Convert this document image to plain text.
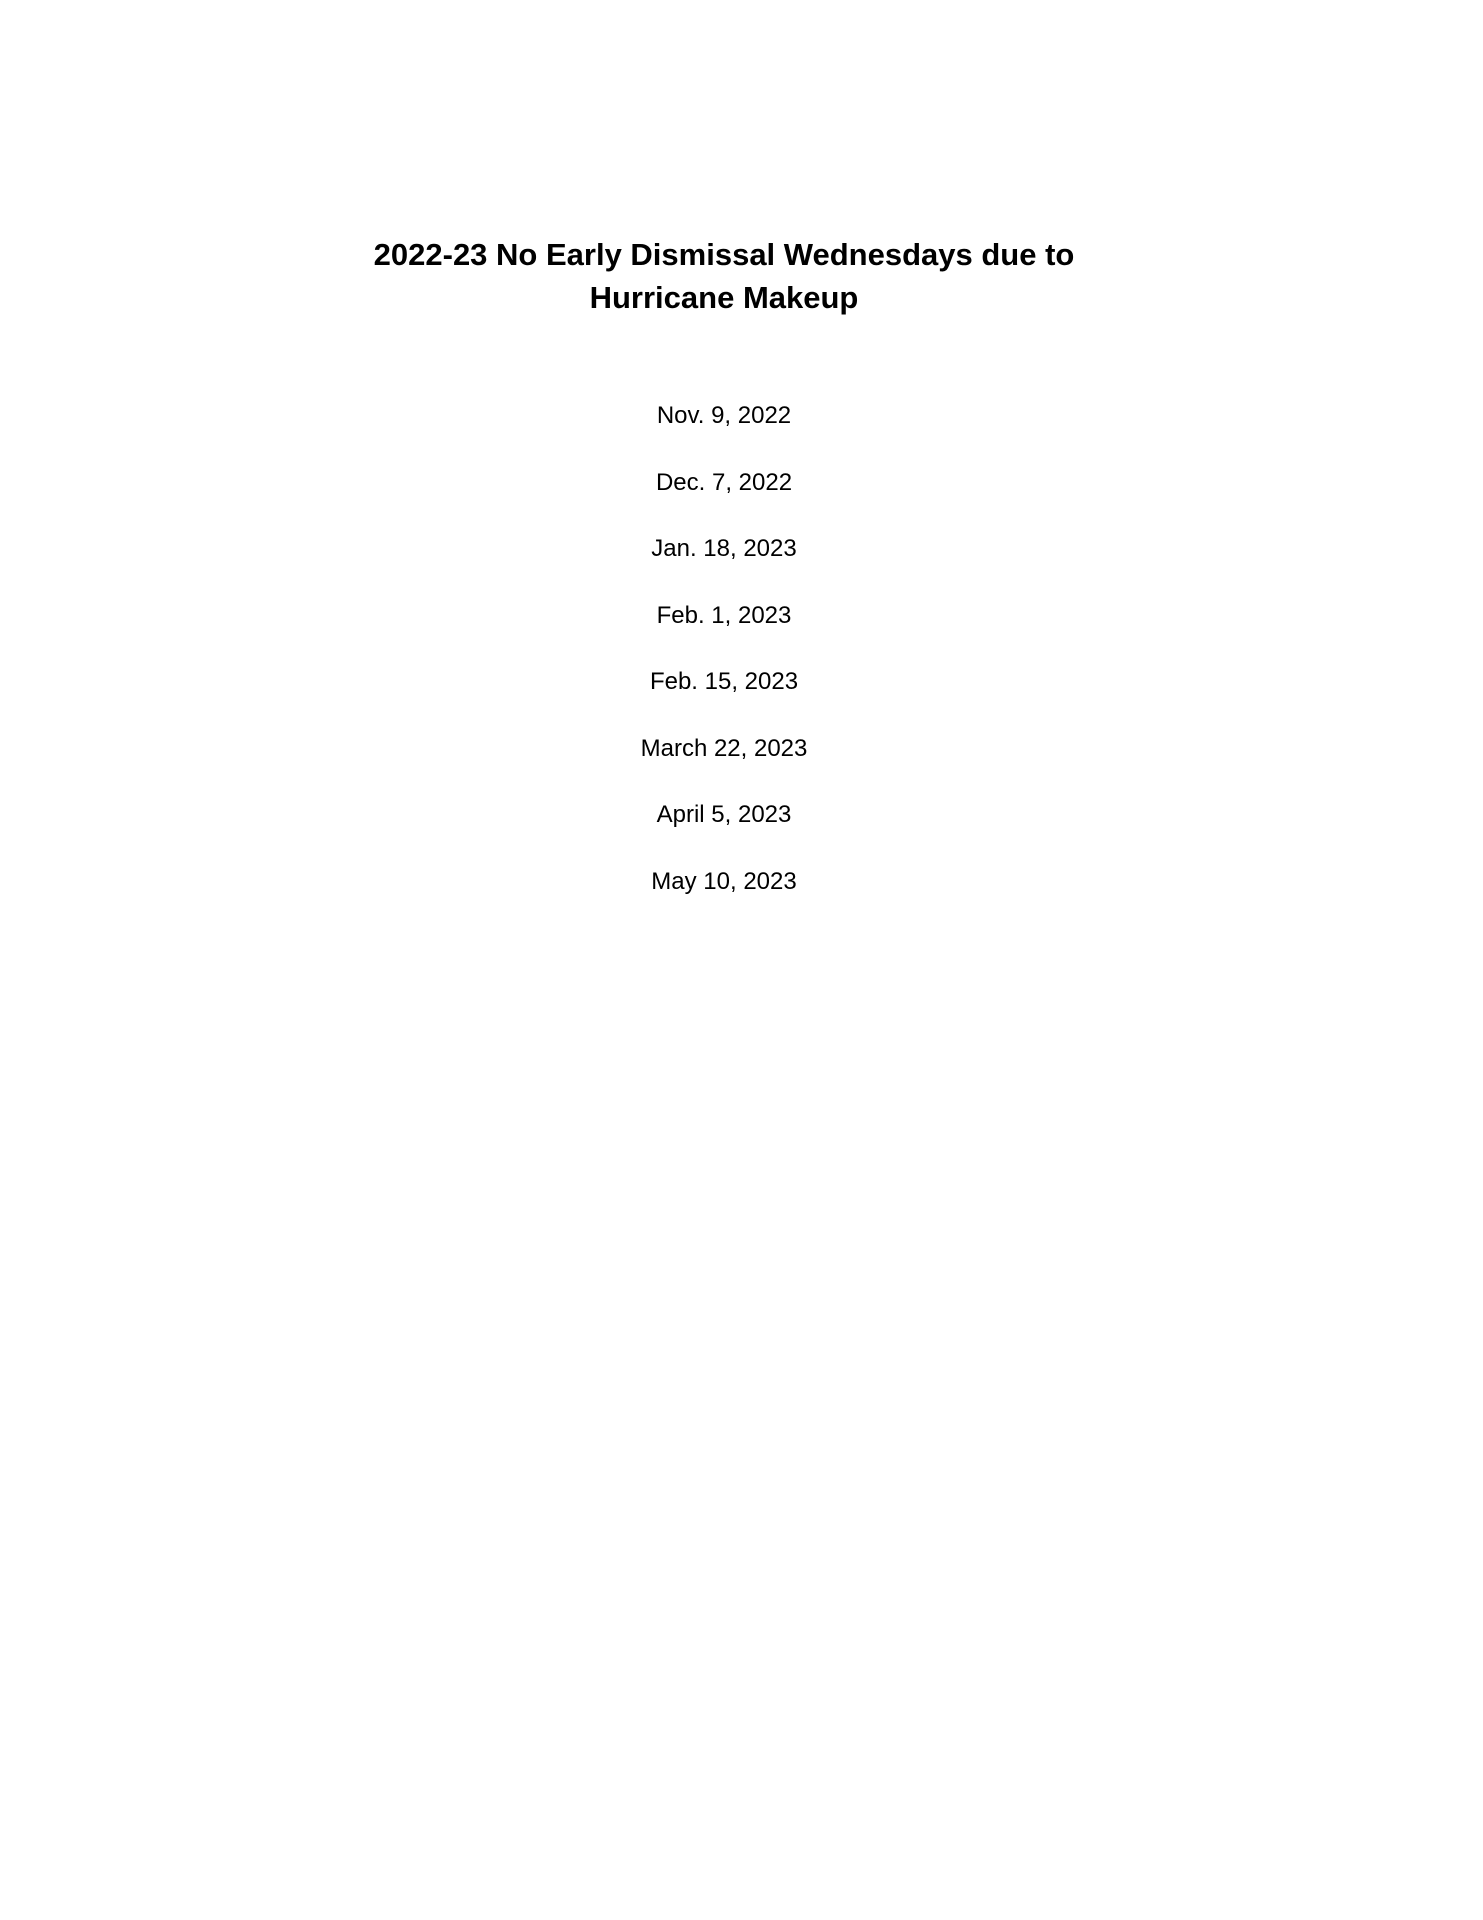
2022-23 No Early Dismissal Wednesdays due to
Hurricane Makeup
Nov. 9, 2022
Dec. 7, 2022
Jan. 18, 2023
Feb. 1, 2023
Feb. 15, 2023
March 22, 2023
April 5, 2023
May 10, 2023
